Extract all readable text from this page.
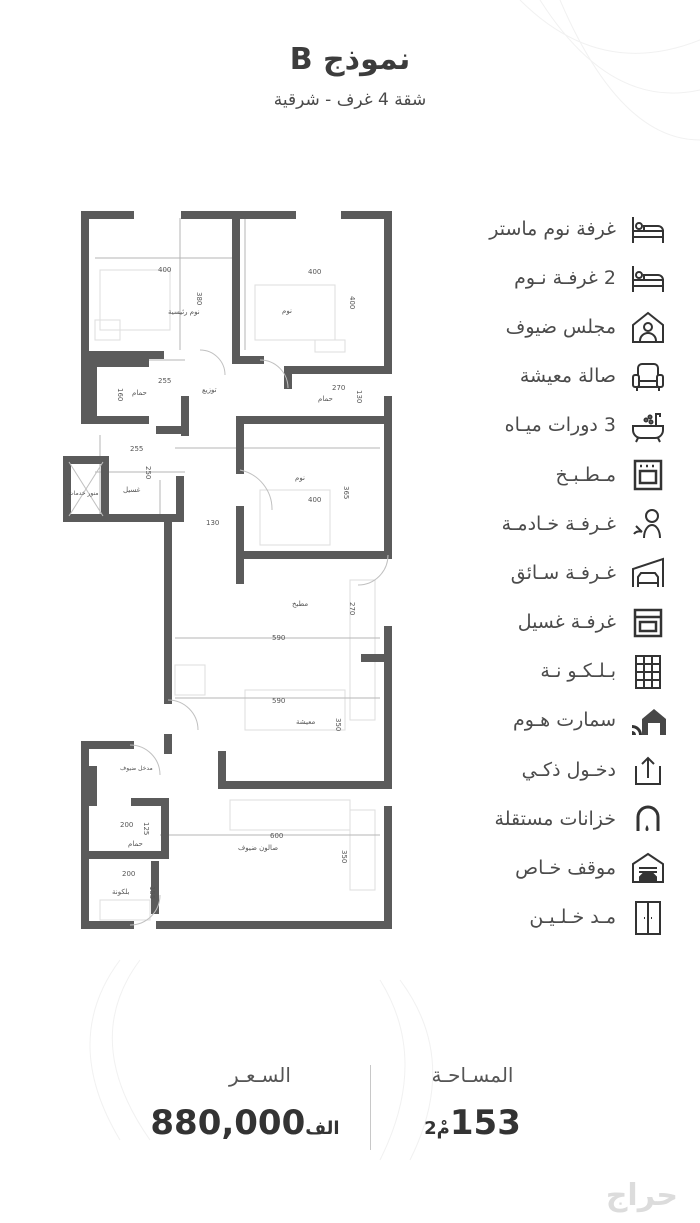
نموذج B
شقة 4 غرف - شرقية
400
380
نوم رئيسية
400
400
نوم
255
160 حمام	توزيع	270
130
حمام
255
250
غسيل
منور خدمات
نوم
400
365
130
مطبخ	270
590
590
معيشة	350
مدخل ضيوف
200 125
حمام
600
صالون ضيوف
350
200
155
بلكونة
غرفة نوم ماستر
2 غرفـة نـوم
مجلس ضيوف
صالة معيشة
3 دورات ميـاه
مـطـبـخ
غـرفـة خـادمـة
غـرفـة سـائق
غرفـة غسيل
بـلـكـو نـة
سمارت هـوم
دخـول ذكـي
خزانات مستقلة
موقف خـاص
مـد خـلـيـن
المسـاحـة
153مْ2
السـعـر
الف880,000
حراج
